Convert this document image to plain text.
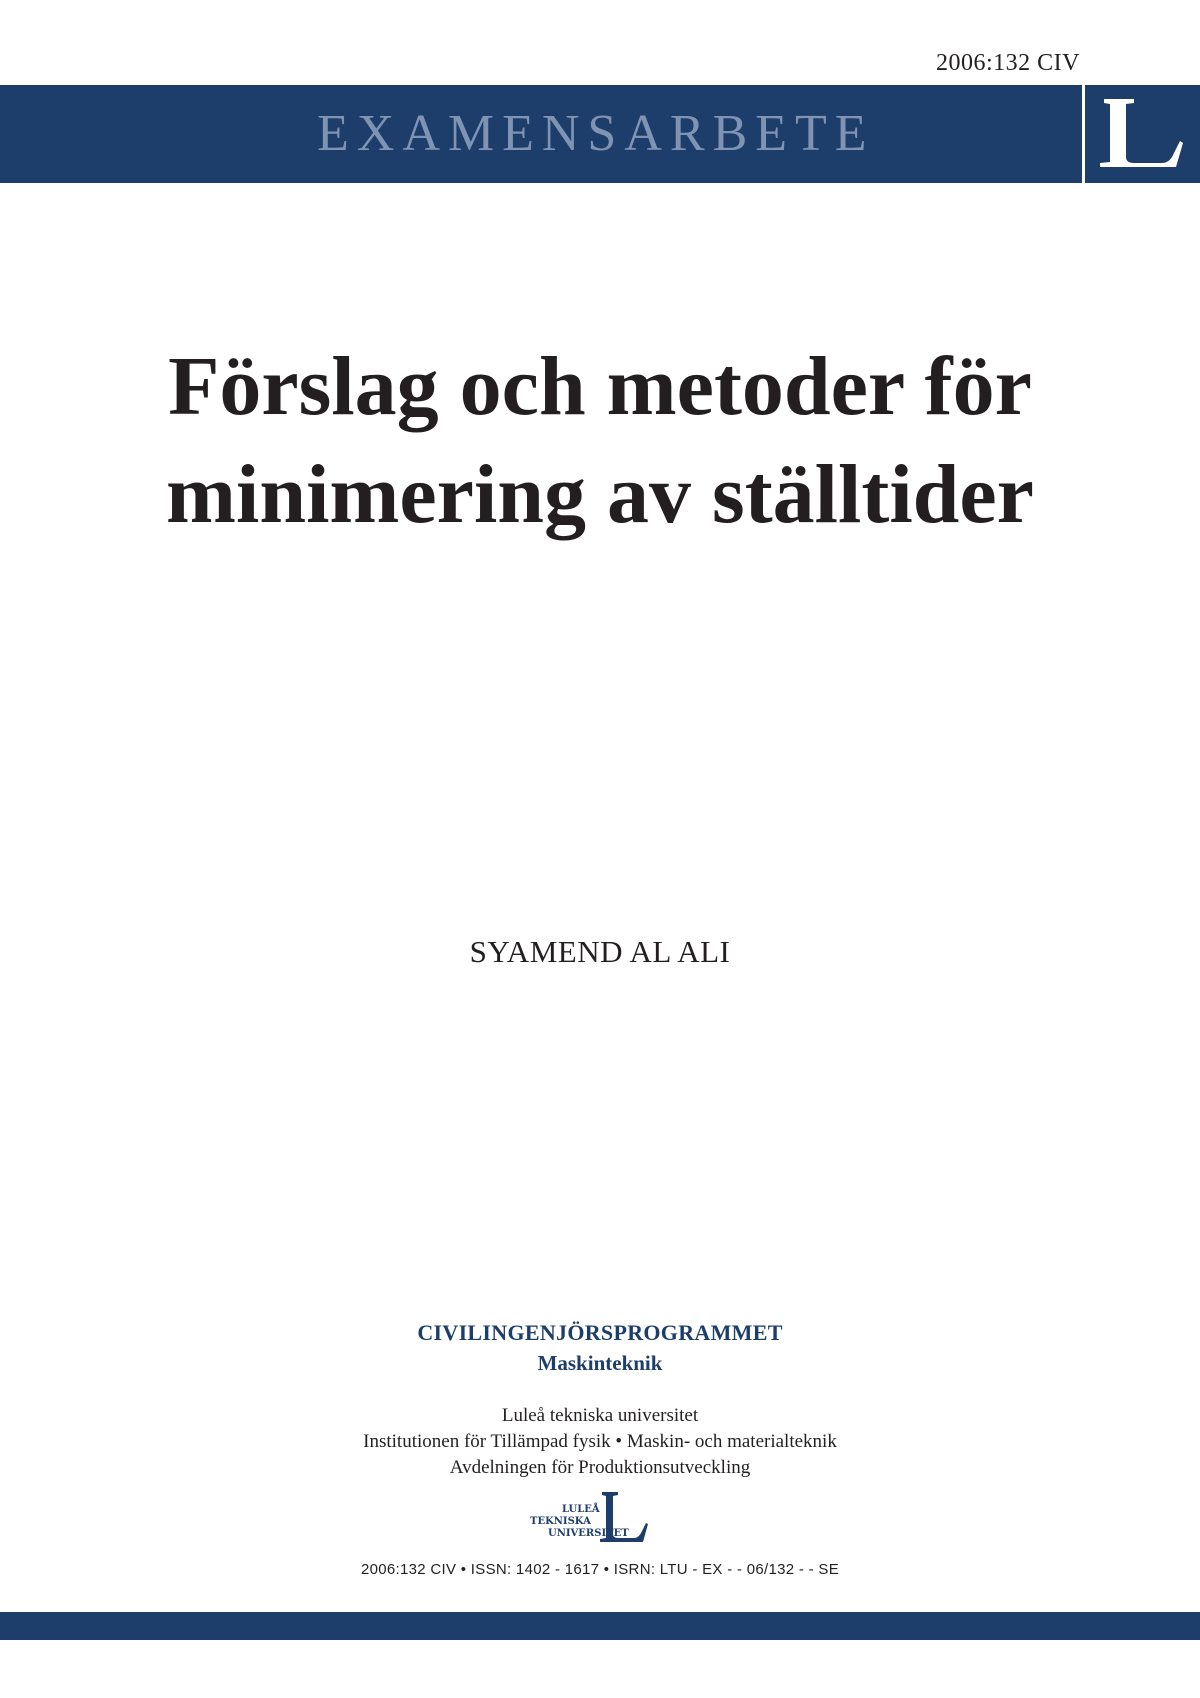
2006:132 CIV
EXAMENSARBETE
Förslag och metoder för
minimering av ställtider
SYAMEND AL ALI
CIVILINGENJÖRSPROGRAMMET
Maskinteknik
Luleå tekniska universitet
Institutionen för Tillämpad fysik • Maskin- och materialteknik
Avdelningen för Produktionsutveckling
LULEÅ
TEKNISKA
UNIVERSITET
2006:132 CIV • ISSN: 1402 - 1617 • ISRN: LTU - EX - - 06/132 - - SE
